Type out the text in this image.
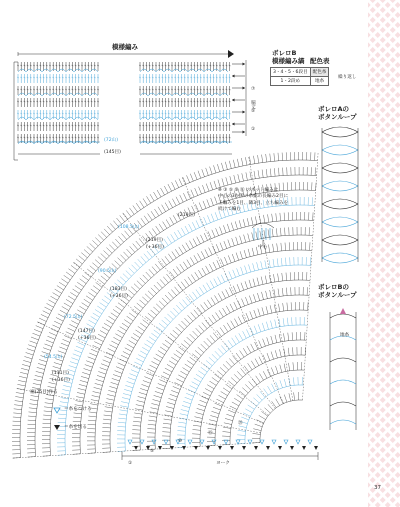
模様編み
⑦
⑤
①
脇丈
(72山)
(145目)
ボレロB
模様編み縞 配色表
3・4・5・6段目	配色糸
1・2段め	地糸
繰り返し
※ ③ ⑤ ⑨ ⑪ のネット編みは
中心の3か所の糸総の長編み2目に
玉編みを1目、隣3目、立ち編みを
続けて編む
中心
ボレロAの
ボタンループ
ボレロBの
ボタンループ
地糸
(219目)
(108.5山)
(219目)
(+36目)
(90.5山)
(183目)
(+36目)
(72.5山)
(147目)
(+36目)
(54.5山)
(111目)
(+36目)
裾(75目)作る
ヨーク
①
⑤
⑩
⑮
⑳
＝糸をつける
＝糸を切る
37
